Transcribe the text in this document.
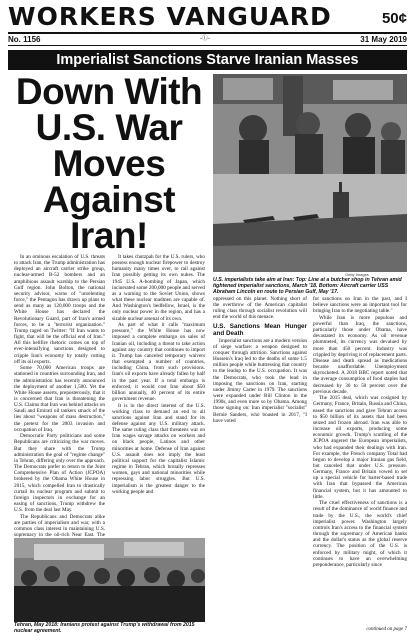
WORKERS VANGUARD	50¢
No. 1156	-Ⓛ-	31 May 2019
Imperialist Sanctions Starve Iranian Masses
Down With
U.S. War Moves
Against Iran!
Getty Images
U.S. imperialists take aim at Iran: Top: Line at a butcher shop in Tehran amid tightened imperialist sanctions, March '18. Bottom: Aircraft carrier USS Abraham Lincoln en route to Persian Gulf, May '17.

In an ominous escalation of U.S. threats to attack Iran, the Trump administration has deployed an aircraft carrier strike group, nuclear-armed B-52 bombers and an amphibious assault warship to the Persian Gulf region. John Bolton, the national security advisor, warns of "unrelenting force," the Pentagon has drawn up plans to send as many as 120,000 troops and the White House has declared the Revolutionary Guard, part of Iran's armed forces, to be a "terrorist organization." Trump raged on Twitter: "If Iran wants to fight, that will be the official end of Iran." All this hellfire rhetoric comes on top of ever-intensifying sanctions designed to cripple Iran's economy by totally cutting off its oil exports.

Some 70,000 American troops are stationed in countries surrounding Iran, and the administration has recently announced the deployment of another 1,500. Yet the White House asserts, preposterously, that it is concerned that Iran is threatening the U.S. Claims that Iran was behind attacks on Saudi and Emirati oil tankers smack of the lies about "weapons of mass destruction," the pretext for the 2003 invasion and occupation of Iraq.

Democratic Party politicians and some Republicans are criticizing the war moves. But they share with the Trump administration the goal of "regime change" in Tehran, differing only over the approach. The Democrats prefer to return to the Joint Comprehensive Plan of Action (JCPOA) brokered by the Obama White House in 2015, which compelled Iran to drastically curtail its nuclear program and submit to foreign inspectors in exchange for an easing of sanctions. Trump withdrew the U.S. from the deal last May.

The Republicans and Democrats alike are parties of imperialism and war, with a common class interest in maintaining U.S. supremacy in the oil-rich Near East. The

It takes chutzpah for the U.S. rulers, who possess enough nuclear firepower to destroy humanity many times over, to rail against Iran possibly getting its own nukes. The 1945 U.S. A-bombing of Japan, which incinerated some 200,000 people and served as a warning to the Soviet Union, shows what these nuclear madmen are capable of. And Washington's bedfellow, Israel, is the only nuclear power in the region, and has a sizable nuclear arsenal of its own.

As part of what it calls "maximum pressure," the White House has now imposed a complete embargo on sales of Iranian oil, including a threat to take action against any country that continues to import it. Trump has canceled temporary waivers that exempted a number of countries, including China, from such provisions. Iran's oil exports have already fallen by half in the past year. If a total embargo is enforced, it would cost Iran about $50 billion annually, 40 percent of its entire government revenue.

It is in the direct interest of the U.S. working class to demand an end to all sanctions against Iran and stand for its defense against any U.S. military attack. The same ruling class that threatens war on Iran wages savage attacks on workers and on black people, Latinos and other minorities at home. Defense of Iran against U.S. assault does not imply the least political support for the capitalist Islamic regime in Tehran, which brutally represses women, gays and national minorities while repressing labor struggles. But U.S. imperialism is the greatest danger to the working people and

oppressed on this planet. Nothing short of the overthrow of the American capitalist ruling class through socialist revolution will end the world of this menace.

U.S. Sanctions Mean Hunger and Death

Imperialist sanctions are a modern version of siege warfare: a weapon designed to conquer through attrition. Sanctions against Hussein's Iraq led to the deaths of some 1.5 million people while buttressing that country to the leadup to the U.S. occupation. It was the Democrats, who took the lead in imposing the sanctions on Iran, starting under Jimmy Carter in 1979. The sanctions were expanded under Bill Clinton in the 1990s, and even more so by Obama. Among those signing on: Iran imperialist "socialist" Bernie Sanders, who boasted in 2017, "I have voted

for sanctions on Iran in the past, and I believe sanctions were an important tool for bringing Iran to the negotiating table."

While Iran is more populous and powerful than Iraq, the sanctions, particularly those under Obama, have devastated its economy. As oil revenue plummeted, its currency was devalued by more than 450 percent. Industry was crippled by depriving it of replacement parts. Disease and death spread as medications became unaffordable. Unemployment skyrocketed. A 2018 BBC report noted that the average consumption of food staples had decreased by 30 to 50 percent over the previous decade.

The 2015 deal, which was cosigned by Germany, France, Britain, Russia and China, eased the sanctions and gave Tehran access to $50 billion of its assets that had been seized and frozen abroad. Iran was able to increase oil exports, producing some economic growth. Trump's scuttling of the JCPOA angered the European imperialists, who had expanded their dealings with Iran. For example, the French company Total had begun to develop a major Iranian gas field, but canceled that under U.S. pressure. Germany, France and Britain vowed to set up a special vehicle for barter-based trade with Iran that bypassed the American financial system, but it has amounted to little.

The cruel effectiveness of sanctions is a result of the dominance of world finance and trade by the U.S., the world's chief imperialist power. Washington largely controls Iran's access to the financial system through the supremacy of American banks and the dollar's status as the global reserve currency. The position of the U.S. is enforced by military might, of which it continues to have an overwhelming preponderance, particularly since

continued on page 7
Tehran, May 2018: Iranians protest against Trump's withdrawal from 2015 nuclear agreement.
